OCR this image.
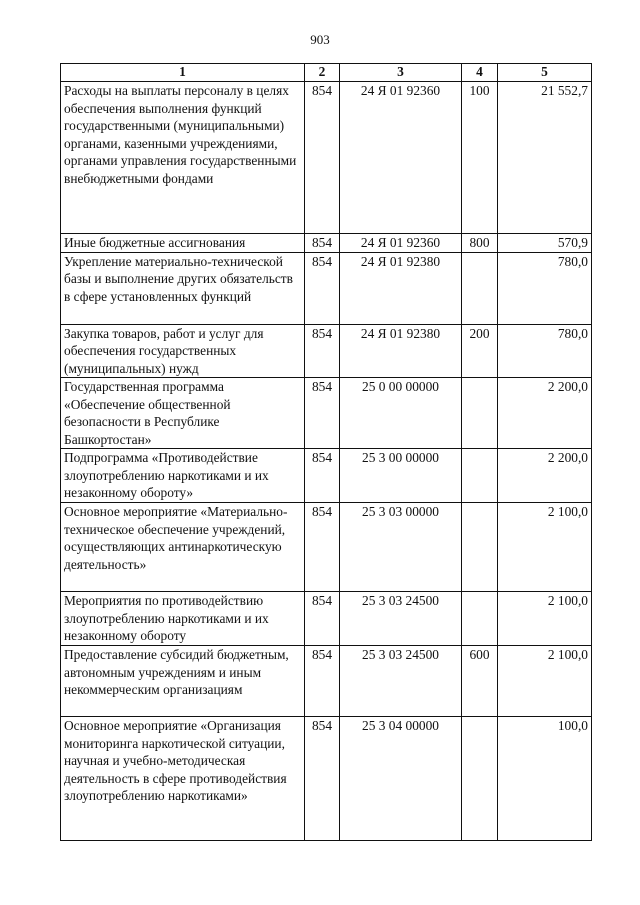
903
1	2	3	4	5
Расходы на выплаты персоналу в целях обеспечения выполнения функций государственными (муниципальными) органами, казенными учреждениями, органами управления государственными внебюджетными фондами	854	24 Я 01 92360	100	21 552,7
Иные бюджетные ассигнования	854	24 Я 01 92360	800	570,9
Укрепление материально-технической базы и выполнение других обязательств в сфере установленных функций	854	24 Я 01 92380		780,0
Закупка товаров, работ и услуг для обеспечения государственных (муниципальных) нужд	854	24 Я 01 92380	200	780,0
Государственная программа «Обеспечение общественной безопасности в Республике Башкортостан»	854	25 0 00 00000		2 200,0
Подпрограмма «Противодействие злоупотреблению наркотиками и их незаконному обороту»	854	25 3 00 00000		2 200,0
Основное мероприятие «Материально-техническое обеспечение учреждений, осуществляющих антинаркотическую деятельность»	854	25 3 03 00000		2 100,0
Мероприятия по противодействию злоупотреблению наркотиками и их незаконному обороту	854	25 3 03 24500		2 100,0
Предоставление субсидий бюджетным, автономным учреждениям и иным некоммерческим организациям	854	25 3 03 24500	600	2 100,0
Основное мероприятие «Организация мониторинга наркотической ситуации, научная и учебно-методическая деятельность в сфере противодействия злоупотреблению наркотиками»	854	25 3 04 00000		100,0
